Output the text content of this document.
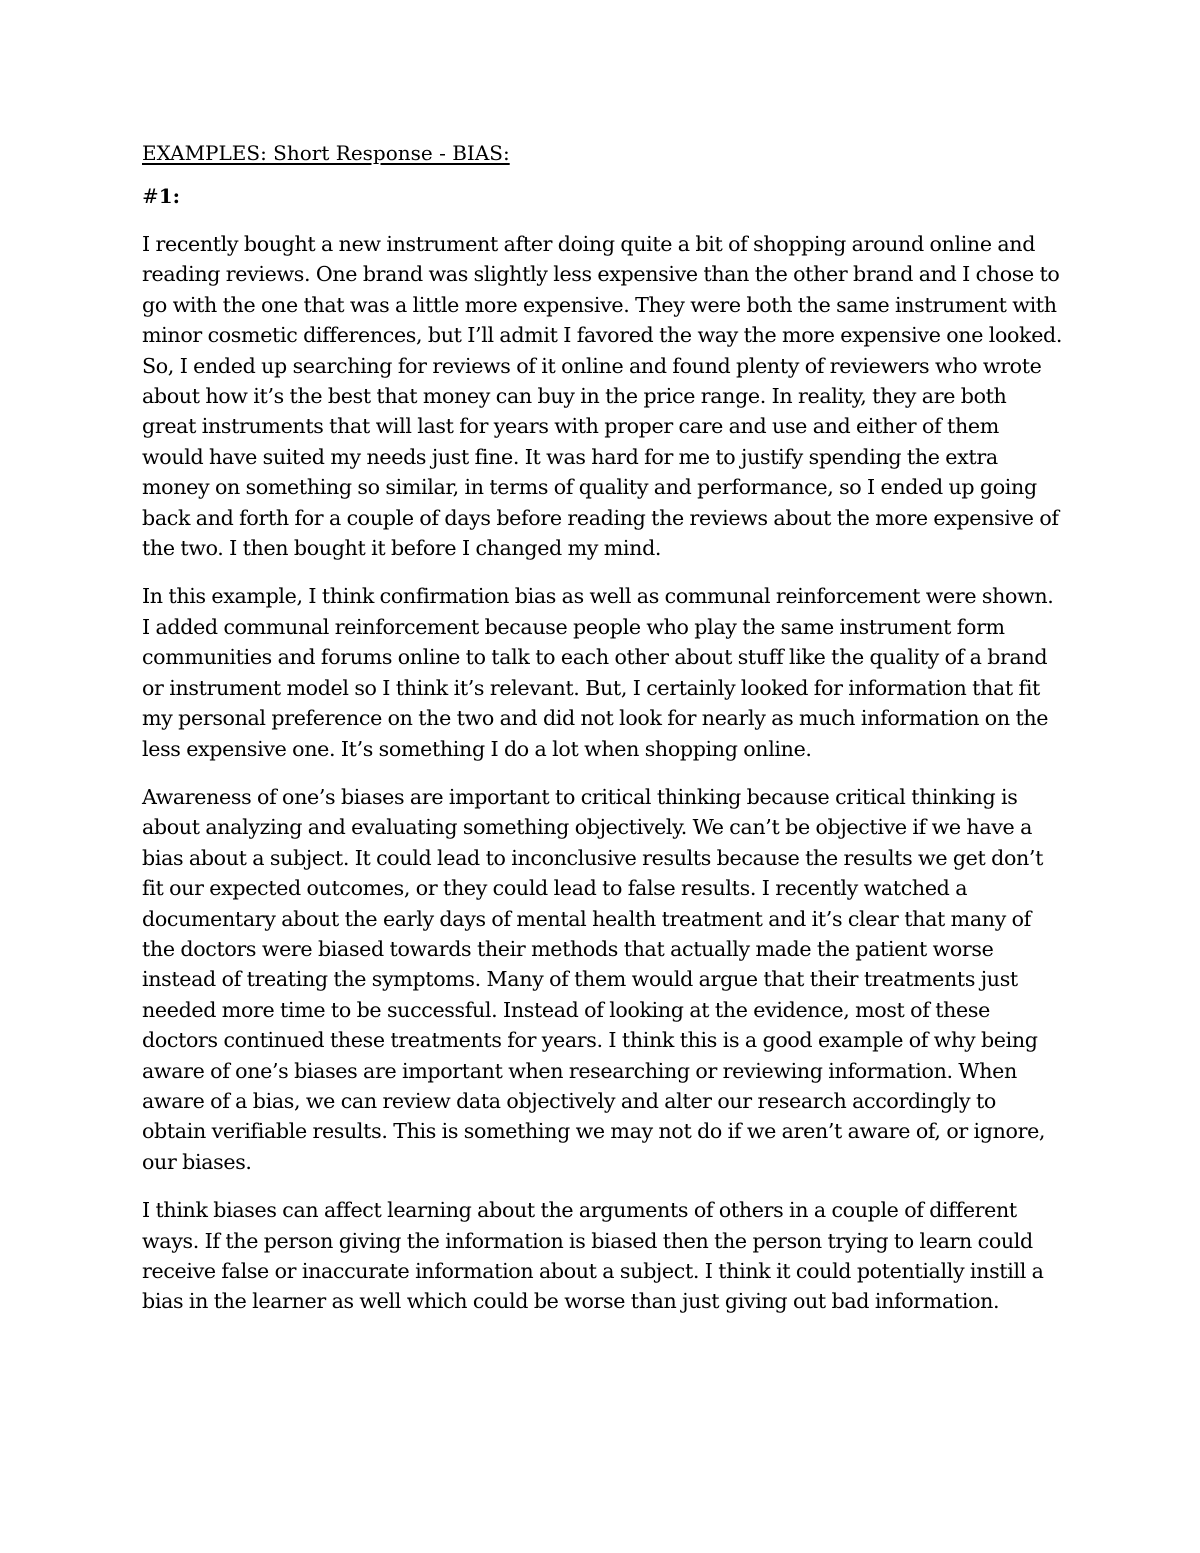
EXAMPLES: Short Response - BIAS:
#1:

I recently bought a new instrument after doing quite a bit of shopping around online and reading reviews. One brand was slightly less expensive than the other brand and I chose to go with the one that was a little more expensive. They were both the same instrument with minor cosmetic differences, but I’ll admit I favored the way the more expensive one looked. So, I ended up searching for reviews of it online and found plenty of reviewers who wrote about how it’s the best that money can buy in the price range. In reality, they are both great instruments that will last for years with proper care and use and either of them would have suited my needs just fine. It was hard for me to justify spending the extra money on something so similar, in terms of quality and performance, so I ended up going back and forth for a couple of days before reading the reviews about the more expensive of the two. I then bought it before I changed my mind.

In this example, I think confirmation bias as well as communal reinforcement were shown. I added communal reinforcement because people who play the same instrument form communities and forums online to talk to each other about stuff like the quality of a brand or instrument model so I think it’s relevant. But, I certainly looked for information that fit my personal preference on the two and did not look for nearly as much information on the less expensive one. It’s something I do a lot when shopping online.

Awareness of one’s biases are important to critical thinking because critical thinking is about analyzing and evaluating something objectively. We can’t be objective if we have a bias about a subject. It could lead to inconclusive results because the results we get don’t fit our expected outcomes, or they could lead to false results. I recently watched a documentary about the early days of mental health treatment and it’s clear that many of the doctors were biased towards their methods that actually made the patient worse instead of treating the symptoms. Many of them would argue that their treatments just needed more time to be successful. Instead of looking at the evidence, most of these doctors continued these treatments for years. I think this is a good example of why being aware of one’s biases are important when researching or reviewing information. When aware of a bias, we can review data objectively and alter our research accordingly to obtain verifiable results. This is something we may not do if we aren’t aware of, or ignore, our biases.

I think biases can affect learning about the arguments of others in a couple of different ways. If the person giving the information is biased then the person trying to learn could receive false or inaccurate information about a subject. I think it could potentially instill a bias in the learner as well which could be worse than just giving out bad information.
